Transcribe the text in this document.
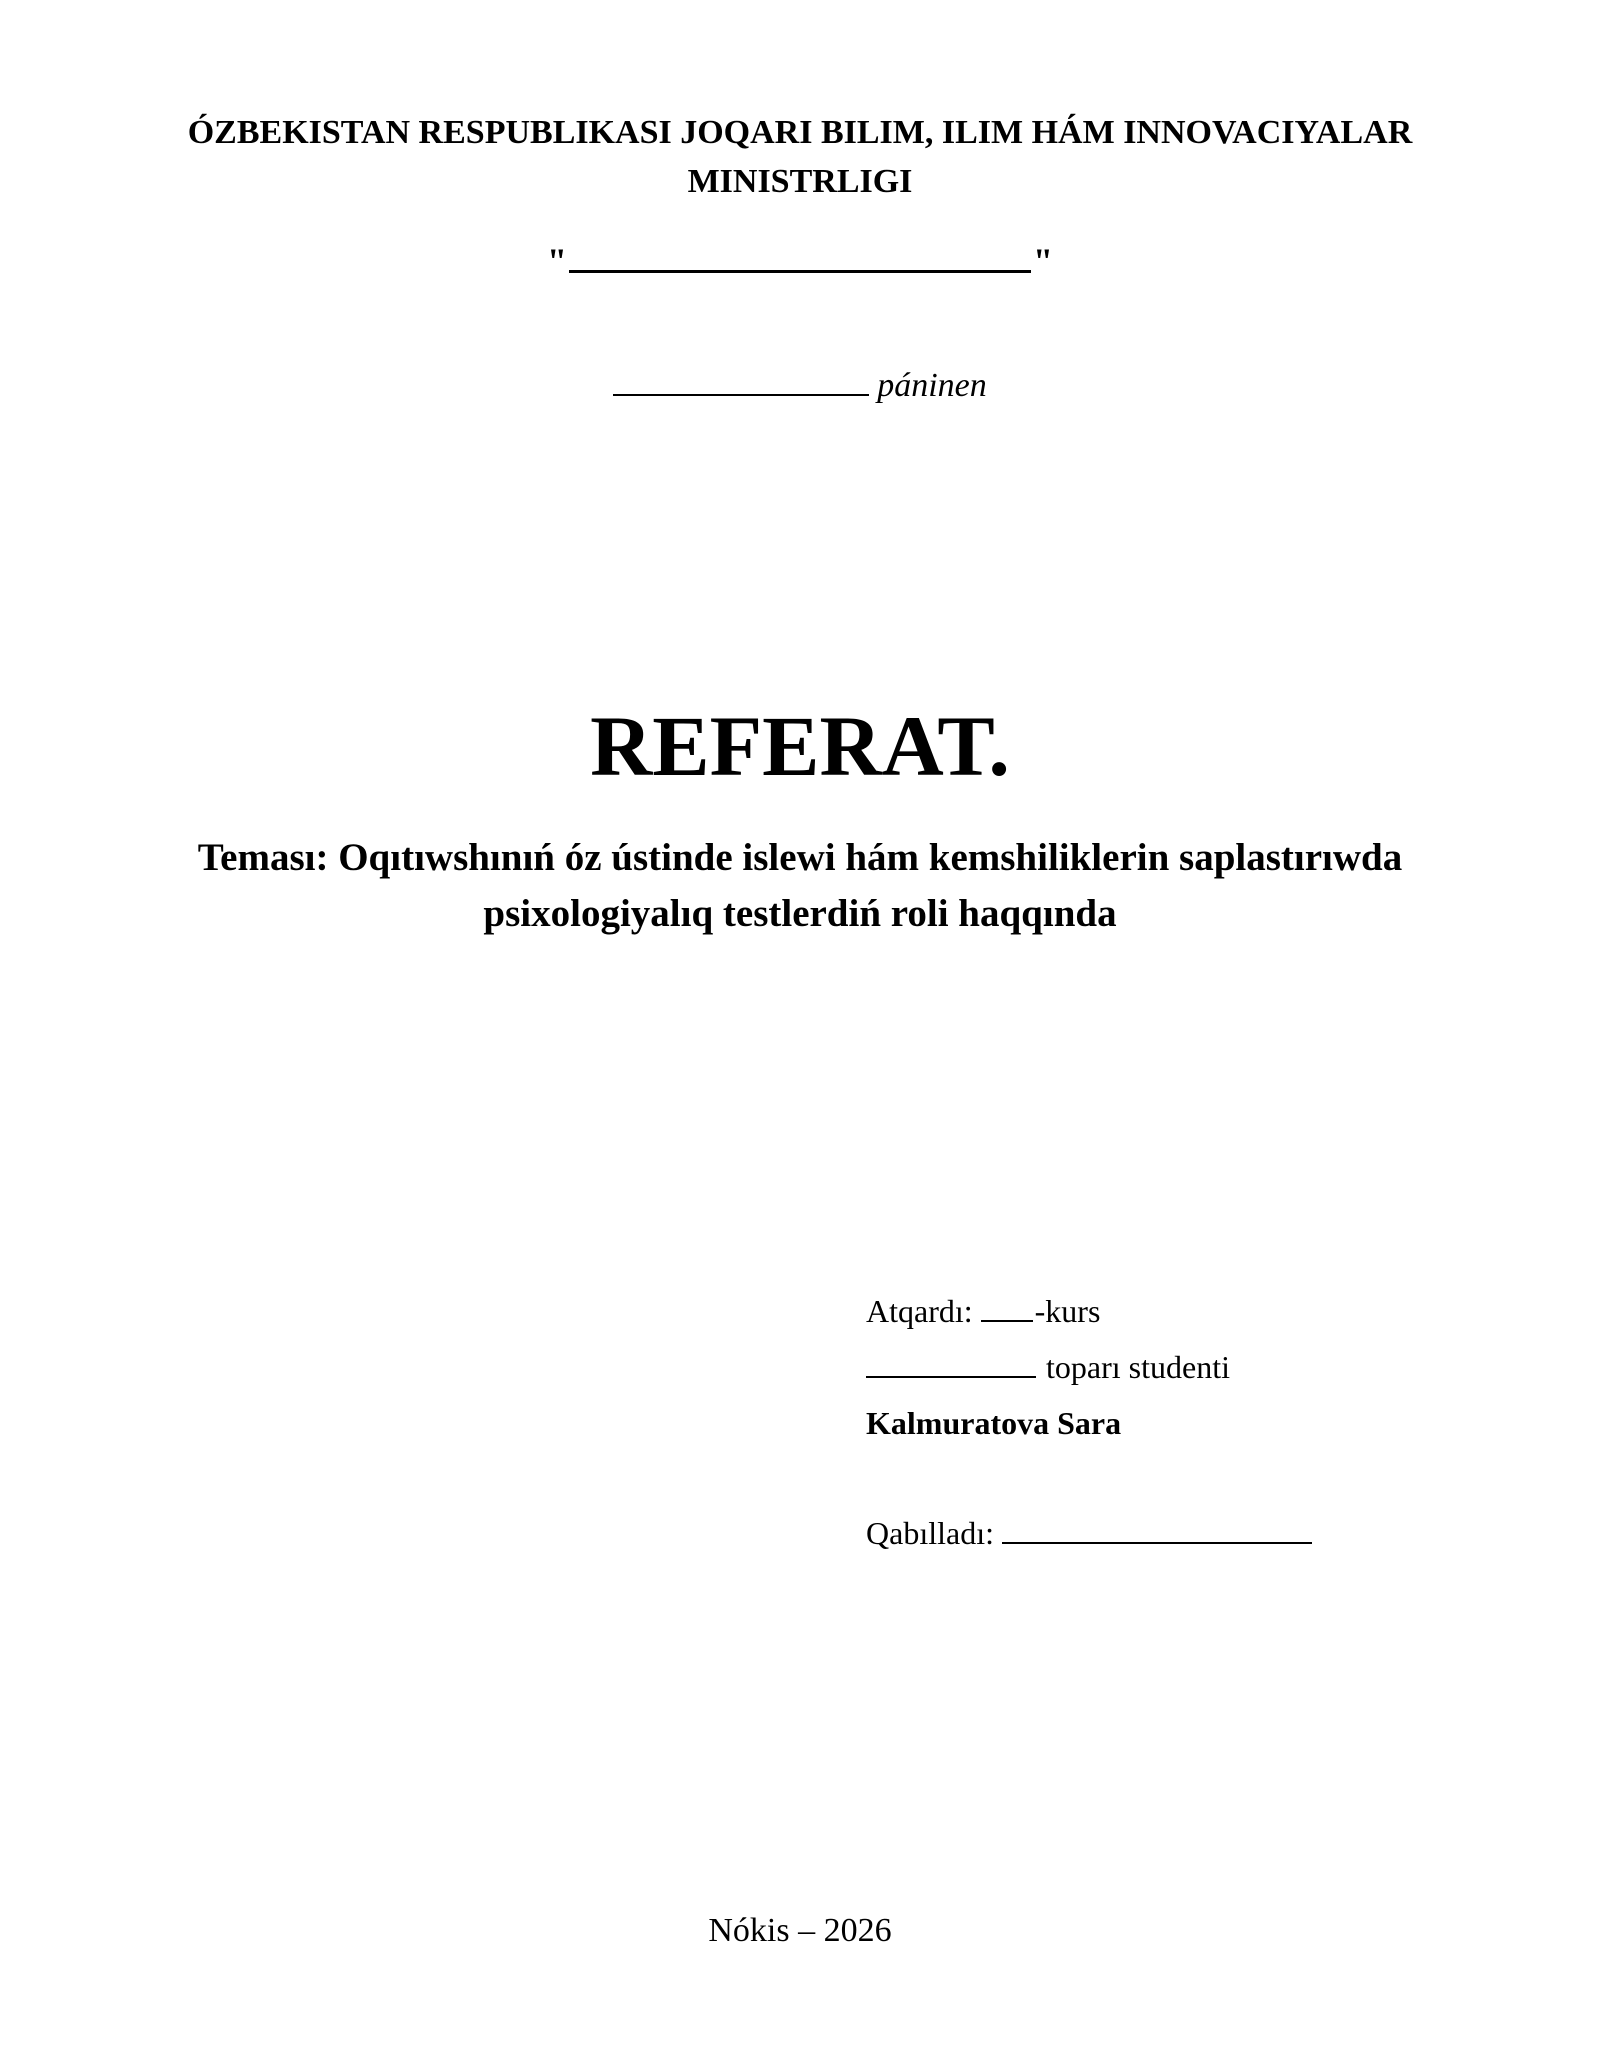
ÓZBEKISTAN RESPUBLIKASI JOQARI BILIM, ILIM HÁM INNOVACIYALAR
MINISTRLIGI
"	"
páninen
REFERAT.
Teması: Oqıtıwshınıń óz ústinde islewi hám kemshiliklerin saplastırıwda
psixologiyalıq testlerdiń roli haqqında
Atqardı: -kurs
toparı studenti
Kalmuratova Sara
Qabılladı:
Nókis – 2026
